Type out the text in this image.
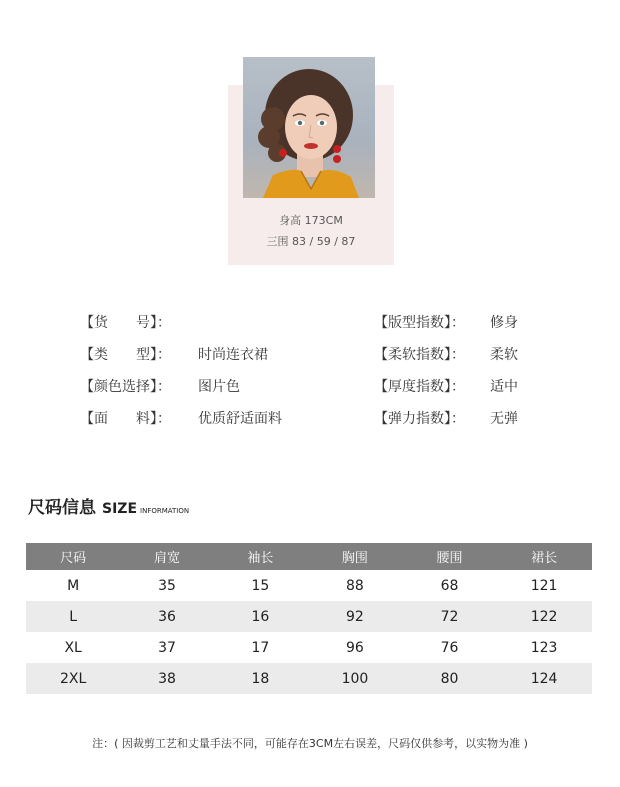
身高 173CM
三围 83 / 59 / 87
【货　　号】：
【类　　型】： 时尚连衣裙
【颜色选择】： 图片色
【面　　料】： 优质舒适面料
【版型指数】： 修身
【柔软指数】： 柔软
【厚度指数】： 适中
【弹力指数】： 无弹
尺码信息 SIZE INFORMATION
尺码	肩宽	袖长	胸围	腰围	裙长
M	35	15	88	68	121
L	36	16	92	72	122
XL	37	17	96	76	123
2XL	38	18	100	80	124
注：( 因裁剪工艺和丈量手法不同，可能存在3CM左右误差，尺码仅供参考，以实物为准 )
